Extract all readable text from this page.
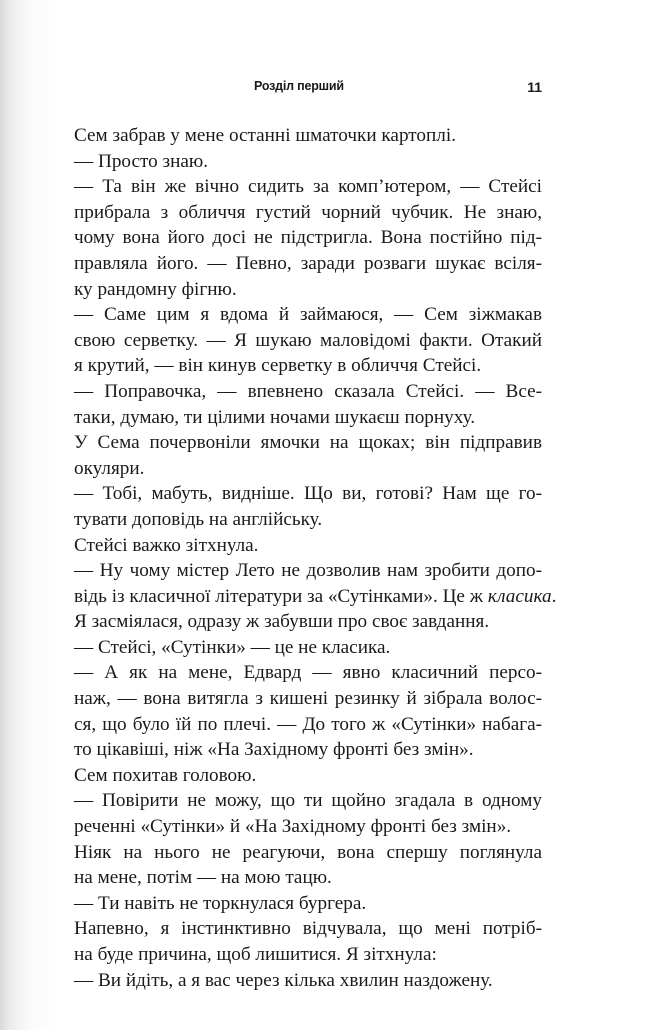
Розділ перший	11
Сем забрав у мене останні шматочки картоплі.
— Просто знаю.
— Та він же вічно сидить за комп’ютером, — Стейсі
прибрала з обличчя густий чорний чубчик. Не знаю,
чому вона його досі не підстригла. Вона постійно під-
правляла його. — Певно, заради розваги шукає всіля-
ку рандомну фігню.
— Саме цим я вдома й займаюся, — Сем зіжмакав
свою серветку. — Я шукаю маловідомі факти. Отакий
я крутий, — він кинув серветку в обличчя Стейсі.
— Поправочка, — впевнено сказала Стейсі. — Все-
таки, думаю, ти цілими ночами шукаєш порнуху.
У Сема почервоніли ямочки на щоках; він підправив
окуляри.
— Тобі, мабуть, видніше. Що ви, готові? Нам ще го-
тувати доповідь на англійську.
Стейсі важко зітхнула.
— Ну чому містер Лето не дозволив нам зробити допо-
відь із класичної літератури за «Сутінками». Це ж класика.
Я засміялася, одразу ж забувши про своє завдання.
— Стейсі, «Сутінки» — це не класика.
— А як на мене, Едвард — явно класичний персо-
наж, — вона витягла з кишені резинку й зібрала волос-
ся, що було їй по плечі. — До того ж «Сутінки» набага-
то цікавіші, ніж «На Західному фронті без змін».
Сем похитав головою.
— Повірити не можу, що ти щойно згадала в одному
реченні «Сутінки» й «На Західному фронті без змін».
Ніяк на нього не реагуючи, вона спершу поглянула
на мене, потім — на мою тацю.
— Ти навіть не торкнулася бургера.
Напевно, я інстинктивно відчувала, що мені потріб-
на буде причина, щоб лишитися. Я зітхнула:
— Ви йдіть, а я вас через кілька хвилин наздожену.
